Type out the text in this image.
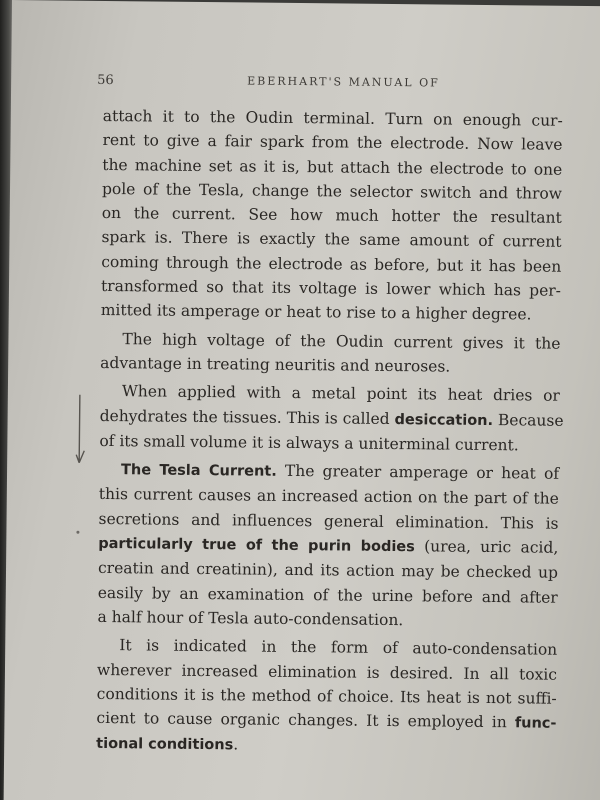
56	EBERHART'S MANUAL OF
attach it to the Oudin terminal. Turn on enough cur-
rent to give a fair spark from the electrode. Now leave
the machine set as it is, but attach the electrode to one
pole of the Tesla, change the selector switch and throw
on the current. See how much hotter the resultant
spark is. There is exactly the same amount of current
coming through the electrode as before, but it has been
transformed so that its voltage is lower which has per-
mitted its amperage or heat to rise to a higher degree.
The high voltage of the Oudin current gives it the
advantage in treating neuritis and neuroses.
When applied with a metal point its heat dries or
dehydrates the tissues. This is called desiccation. Because
of its small volume it is always a uniterminal current.
The Tesla Current. The greater amperage or heat of
this current causes an increased action on the part of the
secretions and influences general elimination. This is
particularly true of the purin bodies (urea, uric acid,
creatin and creatinin), and its action may be checked up
easily by an examination of the urine before and after
a half hour of Tesla auto-condensation.
It is indicated in the form of auto-condensation
wherever increased elimination is desired. In all toxic
conditions it is the method of choice. Its heat is not suffi-
cient to cause organic changes. It is employed in func-
tional conditions.
